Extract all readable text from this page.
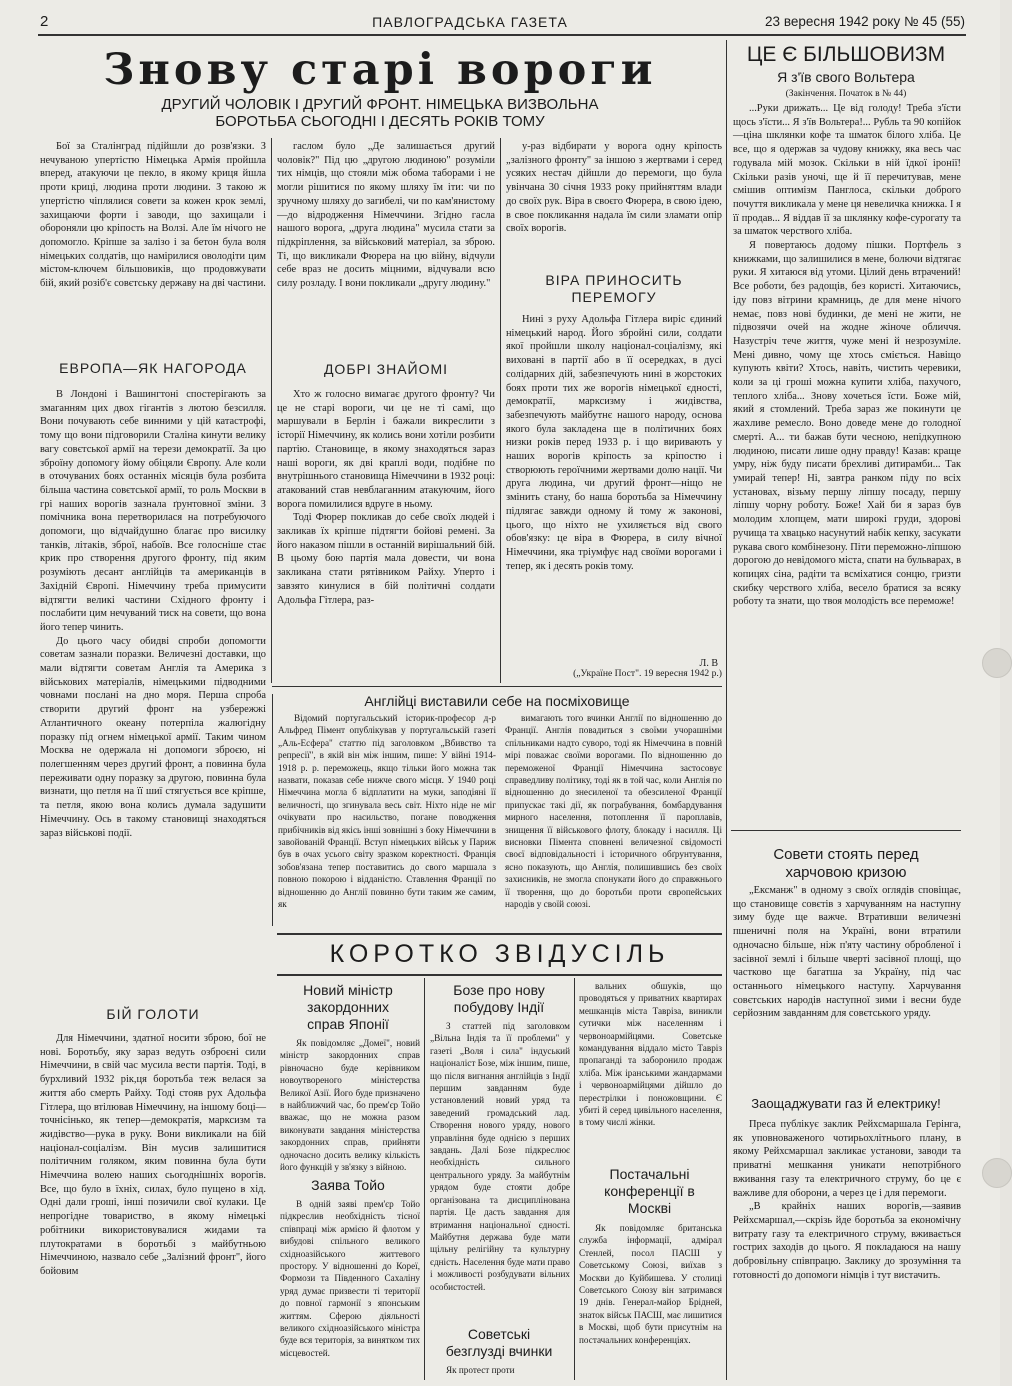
2	ПАВЛОГРАДСЬКА ГАЗЕТА	23 вересня 1942 року № 45 (55)
Знову старі вороги
ДРУГИЙ ЧОЛОВІК І ДРУГИЙ ФРОНТ. НІМЕЦЬКА ВИЗВОЛЬНА
БОРОТЬБА СЬОГОДНІ І ДЕСЯТЬ РОКІВ ТОМУ

Бої за Сталінград підійшли до розв'язки. З нечуваною упертістю Німецька Армія пройшла вперед, атакуючи це пекло, в якому криця йшла проти криці, людина проти людини. З такою ж упертістю чіплялися совети за кожен крок землі, захищаючи форти і заводи, що захищали і обороняли цю кріпость на Волзі. Але їм нічого не допомогло. Кріпше за залізо і за бетон була воля німецьких солдатів, що намірилися оволодіти цим містом-ключем більшовиків, що продовжувати бій, який розіб'є совєтську державу на дві частини.

ЕВРОПА—ЯК НАГОРОДА

В Лондоні і Вашингтоні спостерігають за змаганням цих двох гігантів з лютою безсилля. Вони почувають себе винними у цій катастрофі, тому що вони підговорили Сталіна кинути велику вагу совєтської армії на терези демократії. За цю зброїну допомогу йому обіцяли Європу. Але коли в оточуваних боях останніх місяців була розбита більша частина совєтської армії, то роль Москви в грі наших ворогів зазнала ґрунтовної зміни. З помічника вона перетворилася на потребуючого допомоги, що відчайдушно благає про висилку танків, літаків, зброї, набоїв. Все голосніше стає крик про створення другого фронту, під яким розуміють десант англійців та американців в Західній Європі. Німеччину треба примусити відтягти великі частини Східного фронту і послабити цим нечуваний тиск на совети, що вона його тепер чинить.

До цього часу обидві спроби допомогти советам зазнали поразки. Величезні доставки, що мали відтягти советам Англія та Америка з військових матеріалів, німецькими підводними човнами послані на дно моря. Перша спроба створити другий фронт на узбережжі Атлантичного океану потерпіла жалюгідну поразку під огнем німецької армії. Таким чином Москва не одержала ні допомоги зброєю, ні полегшенням через другий фронт, а повинна була переживати одну поразку за другою, повинна була визнати, що петля на її шиї стягується все кріпше, та петля, якою вона колись думала задушити Німеччину. Ось в такому становищі знаходяться зараз військові події.

БІЙ ГОЛОТИ

Для Німеччини, здатної носити зброю, бої не нові. Боротьбу, яку зараз ведуть озброєні сили Німеччини, в свій час мусила вести партія. Тоді, в бурхливий 1932 рік,ця боротьба теж велася за життя або смерть Райху. Тоді стояв рух Адольфа Гітлера, що втілював Німеччину, на іншому боці—точнісінько, як тепер—демократія, марксизм та жидівство—рука в руку. Вони викликали на бій націонал-соціалізм. Він мусив залишитися політичним голяком, яким повинна була бути Німеччина волею наших сьогоднішніх ворогів. Все, що було в їхніх, силах, було пущено в хід. Одні дали гроші, інші позичили свої кулаки. Це непрогідне товариство, в якому німецькі робітники використовувалися жидами та плутократами в боротьбі з майбутньою Німеччиною, назвало себе „Залізний фронт", його бойовим

гаслом було „Де залишається другий чоловік?" Під цю „другою людиною" розуміли тих німців, що стояли між обома таборами і не могли рішитися по якому шляху їм іти: чи по зручному шляху до загибелі, чи по кам'янистому—до відродження Німеччини. Згідно гасла нашого ворога, „друга людина" мусила стати за підкріплення, за військовий матеріал, за зброю. Ті, що викликали Фюрера на цю війну, відчули себе враз не досить міцними, відчували всю силу розладу. І вони покликали „другу людину."

ДОБРІ ЗНАЙОМІ

Хто ж голосно вимагає другого фронту? Чи це не старі вороги, чи це не ті самі, що маршували в Берлін і бажали викреслити з історії Німеччину, як колись вони хотіли розбити партію. Становище, в якому знаходяться зараз наші вороги, як дві краплі води, подібне по внутрішнього становища Німеччини в 1932 році: атакований став невблаганним атакуючим, його ворога помилилися вдруге в ньому.

Тоді Фюрер покликав до себе своїх людей і закликав їх кріпше підтягти бойові ремені. За його наказом пішли в останній вирішальний бій. В цьому бою партія мала довести, чи вона закликана стати рятівником Райху. Уперто і завзято кинулися в бій політичні солдати Адольфа Гітлера, раз-

у-раз відбирати у ворога одну кріпость „залізного фронту" за іншою з жертвами і серед усяких нестач дійшли до перемоги, що була увінчана 30 січня 1933 року прийняттям влади до своїх рук. Віра в своєго Фюрера, в свою ідею, в свое покликання надала їм сили зламати опір своїх ворогів.

ВІРА ПРИНОСИТЬ
ПЕРЕМОГУ

Нині з руху Адольфа Гітлера виріс єдиний німецький народ. Його збройні сили, солдати якої пройшли школу націонал-соціалізму, які виховані в партії або в її осередках, в дусі солідарних дій, забезпечують нині в жорстоких боях проти тих же ворогів німецької єдності, демократії, марксизму і жидівства, забезпечують майбутнє нашого народу, основа якого була закладена ще в політичних боях низки років перед 1933 р. і що виривають у наших ворогів кріпость за кріпостю і створюють героїчними жертвами долю нації. Чи друга людина, чи другий фронт—ніщо не змінить стану, бо наша боротьба за Німеччину підлягає завжди одному й тому ж законові, цього, що ніхто не ухиляється від свого обов'язку: це віра в Фюрера, в силу вічної Німеччини, яка тріумфує над своїми ворогами і тепер, як і десять років тому.

Л. В
(„Україне Пост". 19 вересня 1942 р.)
Англійці виставили себе на посміховище

Відомий португальський історик-професор д-р Альфред Пімент опублікував у португальській газеті „Аль-Есфера" статтю під заголовком „Вбивство та репресії", в якій він між іншим, пише: У війні 1914-1918 р. р. переможець, якщо тільки його можна так назвати, показав себе нижче свого місця. У 1940 році Німеччина могла б відплатити на муки, заподіяні її величності, що згинувала весь світ. Ніхто ніде не міг очікувати про насильство, погане поводження прибічників від якісь інші зовнішні з боку Німеччини в завойованій Франції. Вступ німецьких військ у Париж був в очах усього світу зразком коректності. Франція зобов'язана тепер поставитись до свого маршала з повною покорою і відданістю. Ставлення Франції по відношенню до Англії повинно бути таким же самим, як

вимагають того вчинки Англії по відношенню до Франції. Англія повадиться з своїми учорашніми спільниками надто суворо, тоді як Німеччина в повній мірі поважає своїми ворогами. По відношенню до переможеної Франції Німеччина застосовує справедливу політику, тоді як в той час, коли Англія по відношенню до знесиленої та обезсиленої Франції припускає такі дії, як пограбування, бомбардування мирного населення, потоплення її пароплавів, знищення її військового флоту, блокаду і насилля. Ці висновки Пімента сповнені величезної свідомості своєї відповідальності і історичного обґрунтування, ясно показують, що Англія, полишившись без своїх захисників, не змогла спонукати його до справжнього її творення, що до боротьби проти європейських народів у своїй союзі.

КОРОТКО ЗВІДУСІЛЬ
Новий міністр
закордонних
справ Японії

Як повідомляє „Домеї", новий міністр закордонних справ рівночасно буде керівником новоутвореного міністерства Великої Азії. Його буде призначено в найближчий час, бо прем'єр Тойо вважає, що не можна разом виконувати завдання міністерства закордонних справ, прийняти одночасно досить велику кількість його функцій у зв'язку з війною.

Заява Тойо

В одній заяві прем'єр Тойо підкреслив необхідність тісної співпраці між армією й флотом у вибудові спільного великого східноазійського життевого простору. У відношенні до Кореї, Формози та Південного Сахаліну уряд думає призвести ті території до повної гармонії з японським життям. Сферою діяльності великого східноазійського міністра буде вся територія, за винятком тих місцевостей.

Бозе про нову
побудову Індії

З статтей під заголовком „Вільна Індія та її проблеми" у газеті „Воля і сила" індуський націоналіст Бозе, між іншим, пише, що після вигнання англійців з Індії першим завданням буде установлений новий уряд та заведений громадський лад. Створення нового уряду, нового управління буде однією з перших завдань. Далі Бозе підкреслює необхідність сильного центрального уряду. За майбутнім урядом буде стояти добре організована та дисциплінована партія. Це дасть завдання для втримання національної єдності. Майбутня держава буде мати щільну релігійну та культурну єдність. Населення буде мати право і можливості розбудувати вільних особистостей.

Советські
безглузді вчинки

Як протест проти

вальних обшуків, що проводяться у приватних квартирах мешканців міста Тавріза, виникли сутички між населенням і червоноармійцями. Советське командування віддало місто Тавріз пропаганді та заборонило продаж хліба. Між іранськими жандармами і червоноармійцями дійшло до перестрілки і поножовщини. Є убиті й серед цивільного населення, в тому числі жінки.

Постачальні
конференції в
Москві

Як повідомляє британська служба інформації, адмірал Стенлей, посол ПАСШ у Советському Союзі, виїхав з Москви до Куйбишева. У столиці Советського Союзу він затримався 19 днів. Генерал-майор Брідней, знаток військ ПАСШ, має лишитися в Москві, щоб бути присутнім на постачальних конференціях.

ЦЕ Є БІЛЬШОВИЗМ
Я з'їв свого Вольтера
(Закінчення. Початок в № 44)

...Руки дрижать... Це від голоду! Треба з'їсти щось з'їсти... Я з'їв Вольтера!... Рубль та 90 копійок—ціна шклянки кофе та шматок білого хліба. Це все, що я одержав за чудову книжку, яка весь час годувала мій мозок. Скільки в ній їдкої іронії! Скільки разів уночі, ще й її перечитував, мене смішив оптимізм Панглоса, скільки доброго почуття викликала у мене ця невеличка книжка. І я її продав... Я віддав її за шклянку кофе-сурогату та за шматок черствого хліба.

Я повертаюсь додому пішки. Портфель з книжками, що залишилися в мене, болючи відтягає руки. Я хитаюся від утоми. Цілий день втрачений! Все роботи, без радощів, без користі. Хитаючись, іду повз вітрини крамниць, де для мене нічого немає, повз нові будинки, де мені не жити, не підвозячи очей на жодне жіноче обличчя. Назустріч тече життя, чуже мені й незрозуміле. Мені дивно, чому ще хтось сміється. Навіщо купують квіти? Хтось, навіть, чистить черевики, коли за ці гроші можна купити хліба, пахучого, теплого хліба... Знову хочеться їсти. Боже мій, який я стомлений. Треба зараз же покинути це жахливе ремесло. Воно доведе мене до голодної смерті. А... ти бажав бути чесною, непідкупною людиною, писати лише одну правду! Казав: краще умру, ніж буду писати брехливі дитирамби... Так умирай тепер! Ні, завтра ранком піду по всіх установах, візьму першу ліпшу посаду, першу ліпшу чорну роботу. Боже! Хай би я зараз був молодим хлопцем, мати широкі груди, здорові ручища та хвацько насунутий набік кепку, засукати рукава свого комбінезону. Піти переможно-ліпшою дорогою до невідомого міста, спати на бульварах, в копицях сіна, радіти та всміхатися сонцю, гризти скибку черствого хліба, весело братися за всяку роботу та знати, що твоя молодість все переможе!

Совети стоять перед
харчовою кризою

„Ексманж" в одному з своїх оглядів сповіщає, що становище совєтів з харчуванням на наступну зиму буде ще важче. Втративши величезні пшеничні поля на Україні, вони втратили одночасно більше, ніж п'яту частину обробленої і засівної землі і більше чверті засівної площі, що частково ще багатша за Україну, під час останнього німецького наступу. Харчування совєтських народів наступної зими і весни буде серйозним завданням для совєтського уряду.

Заощаджувати газ й електрику!

Преса публікує заклик Рейхсмаршала Герінга, як уповноваженого чотирьохлітнього плану, в якому Рейхсмаршал закликає установи, заводи та приватні мешкання уникати непотрібного вживання газу та електричного струму, бо це є важливе для оборони, а через це і для перемоги.

„В крайніх наших ворогів,—заявив Рейхсмаршал,—скрізь йде боротьба за економічну витрату газу та електричного струму, вживається гострих заходів до цього. Я покладаюся на нашу добровільну співпрацю. Заклику до зрозуміння та готовності до допомоги німців і тут вистачить.
